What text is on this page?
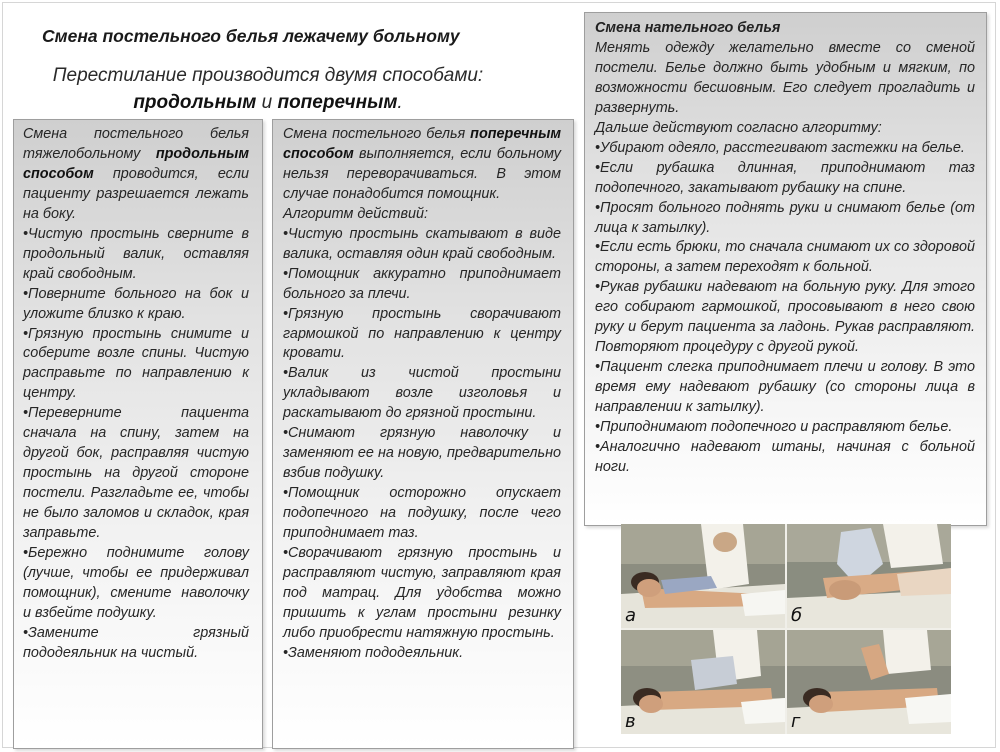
Смена постельного белья лежачему больному
Перестилание производится двумя способами:
продольным и поперечным.

Смена постельного белья тяжелобольному продольным способом проводится, если пациенту разрешается лежать на боку.

•Чистую простынь сверните в продольный валик, оставляя край свободным.

•Поверните больного на бок и уложите близко к краю.

•Грязную простынь снимите и соберите возле спины. Чистую расправьте по направлению к центру.

•Переверните пациента сначала на спину, затем на другой бок, расправляя чистую простынь на другой стороне постели. Разгладьте ее, чтобы не было заломов и складок, края заправьте.

•Бережно поднимите голову (лучше, чтобы ее придерживал помощник), смените наволочку и взбейте подушку.

•Замените грязный пододеяльник на чистый.

Смена постельного белья поперечным способом выполняется, если больному нельзя переворачиваться. В этом случае понадобится помощник.

Алгоритм действий:

•Чистую простынь скатывают в виде валика, оставляя один край свободным.

•Помощник аккуратно приподнимает больного за плечи.

•Грязную простынь сворачивают гармошкой по направлению к центру кровати.

•Валик из чистой простыни укладывают возле изголовья и раскатывают до грязной простыни.

•Снимают грязную наволочку и заменяют ее на новую, предварительно взбив подушку.

•Помощник осторожно опускает подопечного на подушку, после чего приподнимает таз.

•Сворачивают грязную простынь и расправляют чистую, заправляют края под матрац. Для удобства можно пришить к углам простыни резинку либо приобрести натяжную простынь.

•Заменяют пододеяльник.

Смена нательного белья

Менять одежду желательно вместе со сменой постели. Белье должно быть удобным и мягким, по возможности бесшовным. Его следует прогладить и развернуть.

Дальше действуют согласно алгоритму:

•Убирают одеяло, расстегивают застежки на белье.

•Если рубашка длинная, приподнимают таз подопечного, закатывают рубашку на спине.

•Просят больного поднять руки и снимают белье (от лица к затылку).

•Если есть брюки, то сначала снимают их со здоровой стороны, а затем переходят к больной.

•Рукав рубашки надевают на больную руку. Для этого его собирают гармошкой, просовывают в него свою руку и берут пациента за ладонь. Рукав расправляют. Повторяют процедуру с другой рукой.

•Пациент слегка приподнимает плечи и голову. В это время ему надевают рубашку (со стороны лица в направлении к затылку).

•Приподнимают подопечного и расправляют белье.

•Аналогично надевают штаны, начиная с больной ноги.

а	б
в	г
